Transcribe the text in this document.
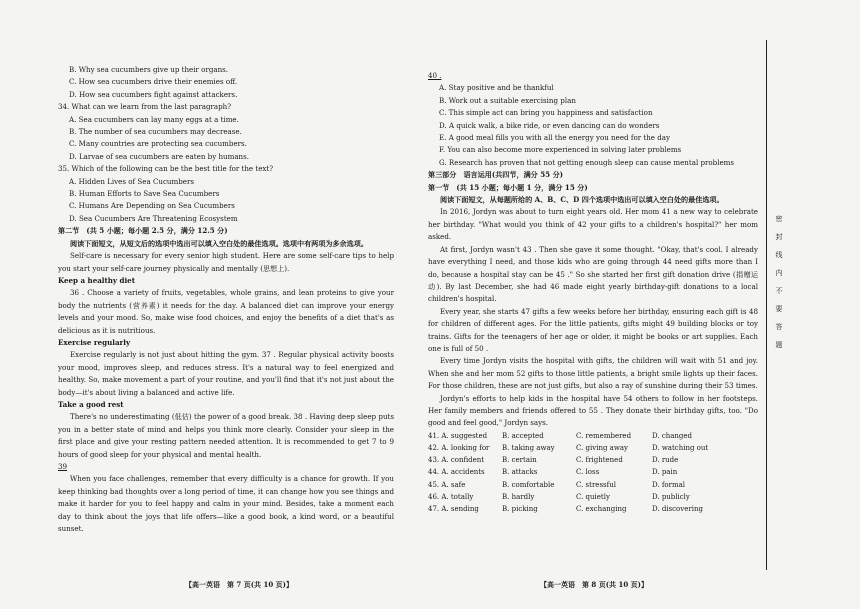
B. Why sea cucumbers give up their organs.
C. How sea cucumbers drive their enemies off.
D. How sea cucumbers fight against attackers.
34. What can we learn from the last paragraph?
A. Sea cucumbers can lay many eggs at a time.
B. The number of sea cucumbers may decrease.
C. Many countries are protecting sea cucumbers.
D. Larvae of sea cucumbers are eaten by humans.
35. Which of the following can be the best title for the text?
A. Hidden Lives of Sea Cucumbers
B. Human Efforts to Save Sea Cucumbers
C. Humans Are Depending on Sea Cucumbers
D. Sea Cucumbers Are Threatening Ecosystem
第二节　(共 5 小题；每小题 2.5 分，满分 12.5 分)

阅读下面短文，从短文后的选项中选出可以填入空白处的最佳选项。选项中有两项为多余选项。

Self-care is necessary for every senior high student. Here are some self-care tips to help you start your self-care journey physically and mentally (思想上).

Keep a healthy diet

36 . Choose a variety of fruits, vegetables, whole grains, and lean proteins to give your body the nutrients (营养素) it needs for the day. A balanced diet can improve your energy levels and your mood. So, make wise food choices, and enjoy the benefits of a diet that's as delicious as it is nutritious.

Exercise regularly

Exercise regularly is not just about hitting the gym. 37 . Regular physical activity boosts your mood, improves sleep, and reduces stress. It's a natural way to feel energized and healthy. So, make movement a part of your routine, and you'll find that it's not just about the body—it's about living a balanced and active life.

Take a good rest

There's no underestimating (低估) the power of a good break. 38 . Having deep sleep puts you in a better state of mind and helps you think more clearly. Consider your sleep in the first place and give your resting pattern needed attention. It is recommended to get 7 to 9 hours of good sleep for your physical and mental health.

39

When you face challenges, remember that every difficulty is a chance for growth. If you keep thinking bad thoughts over a long period of time, it can change how you see things and make it harder for you to feel happy and calm in your mind. Besides, take a moment each day to think about the joys that life offers—like a good book, a kind word, or a beautiful sunset.

【高一英语　第 7 页(共 10 页)】
40 .
A. Stay positive and be thankful
B. Work out a suitable exercising plan
C. This simple act can bring you happiness and satisfaction
D. A quick walk, a bike ride, or even dancing can do wonders
E. A good meal fills you with all the energy you need for the day
F. You can also become more experienced in solving later problems
G. Research has proven that not getting enough sleep can cause mental problems
第三部分　语言运用(共四节，满分 55 分)
第一节　(共 15 小题；每小题 1 分，满分 15 分)

阅读下面短文，从每题所给的 A、B、C、D 四个选项中选出可以填入空白处的最佳选项。

In 2016, Jordyn was about to turn eight years old. Her mom 41 a new way to celebrate her birthday. "What would you think of 42 your gifts to a children's hospital?" her mom asked.

At first, Jordyn wasn't 43 . Then she gave it some thought. "Okay, that's cool. I already have everything I need, and those kids who are going through 44 need gifts more than I do, because a hospital stay can be 45 ." So she started her first gift donation drive (捐赠运动). By last December, she had 46 made eight yearly birthday-gift donations to a local children's hospital.

Every year, she starts 47 gifts a few weeks before her birthday, ensuring each gift is 48 for children of different ages. For the little patients, gifts might 49 building blocks or toy trains. Gifts for the teenagers of her age or older, it might be books or art supplies. Each one is full of 50 .

Every time Jordyn visits the hospital with gifts, the children will wait with 51 and joy. When she and her mom 52 gifts to those little patients, a bright smile lights up their faces. For those children, these are not just gifts, but also a ray of sunshine during their 53 times.

Jordyn's efforts to help kids in the hospital have 54 others to follow in her footsteps. Her family members and friends offered to 55 . They donate their birthday gifts, too. "Do good and feel good," Jordyn says.

41. A. suggested	B. accepted	C. remembered	D. changed
42. A. looking for	B. taking away	C. giving away	D. watching out
43. A. confident	B. certain	C. frightened	D. rude
44. A. accidents	B. attacks	C. loss	D. pain
45. A. safe	B. comfortable	C. stressful	D. formal
46. A. totally	B. hardly	C. quietly	D. publicly
47. A. sending	B. picking	C. exchanging	D. discovering
【高一英语　第 8 页(共 10 页)】
密
封
线
内
不
要
答
题
